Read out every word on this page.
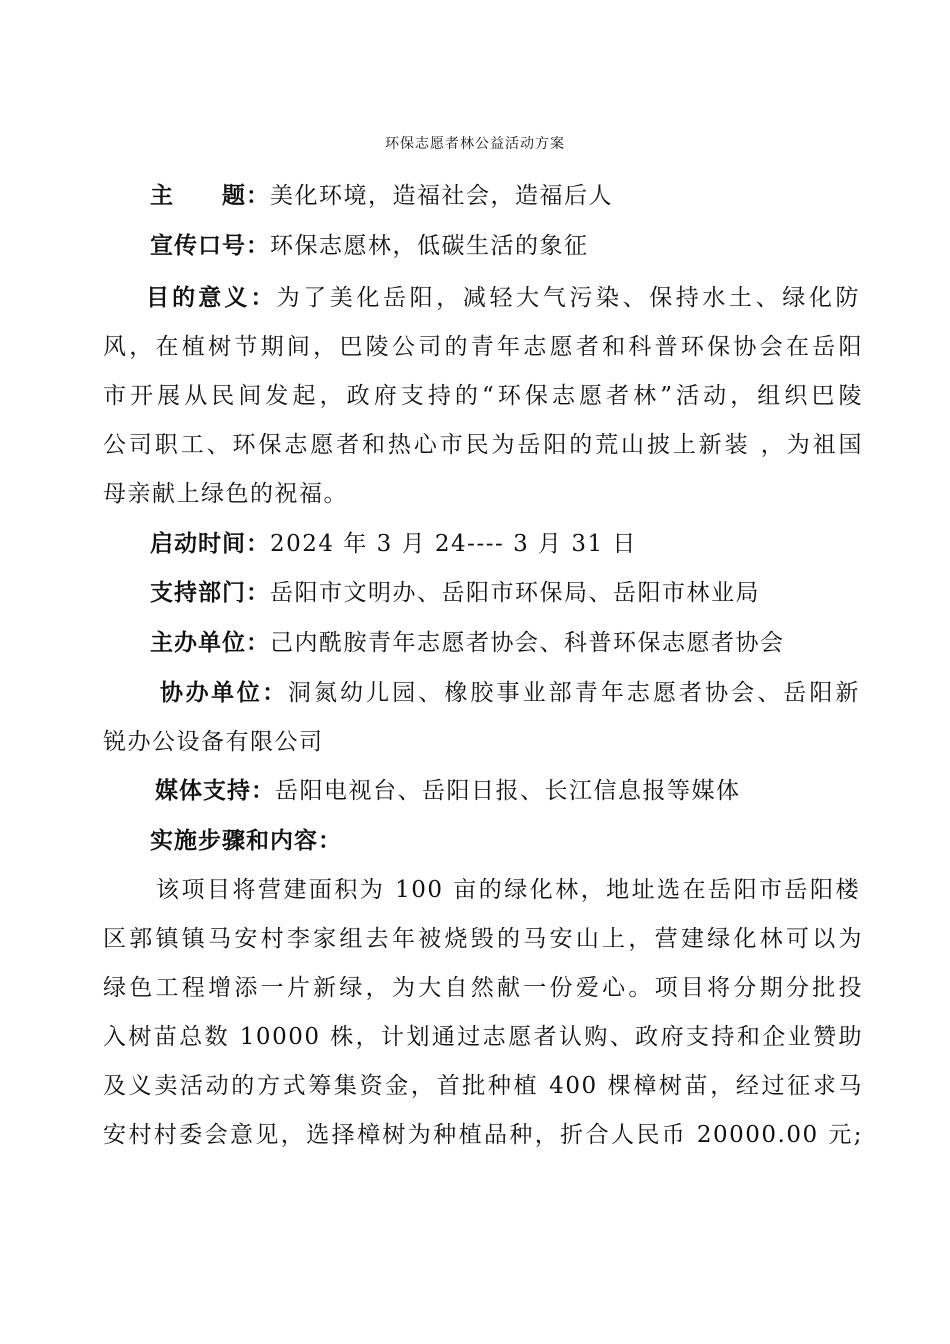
环保志愿者林公益活动方案
主　　题：美化环境，造福社会，造福后人
宣传口号：环保志愿林，低碳生活的象征
目的意义：为了美化岳阳，减轻大气污染、保持水土、绿化防
风，在植树节期间，巴陵公司的青年志愿者和科普环保协会在岳阳
市开展从民间发起，政府支持的“环保志愿者林”活动，组织巴陵
公司职工、环保志愿者和热心市民为岳阳的荒山披上新装 ，为祖国
母亲献上绿色的祝福。
启动时间：2024 年 3 月 24---- 3 月 31 日
支持部门：岳阳市文明办、岳阳市环保局、岳阳市林业局
主办单位：己内酰胺青年志愿者协会、科普环保志愿者协会
协办单位：洞氮幼儿园、橡胶事业部青年志愿者协会、岳阳新
锐办公设备有限公司
媒体支持：岳阳电视台、岳阳日报、长江信息报等媒体
实施步骤和内容：
该项目将营建面积为 100 亩的绿化林，地址选在岳阳市岳阳楼
区郭镇镇马安村李家组去年被烧毁的马安山上，营建绿化林可以为
绿色工程增添一片新绿，为大自然献一份爱心。项目将分期分批投
入树苗总数 10000 株，计划通过志愿者认购、政府支持和企业赞助
及义卖活动的方式筹集资金，首批种植 400 棵樟树苗，经过征求马
安村村委会意见，选择樟树为种植品种，折合人民币 20000.00 元;
